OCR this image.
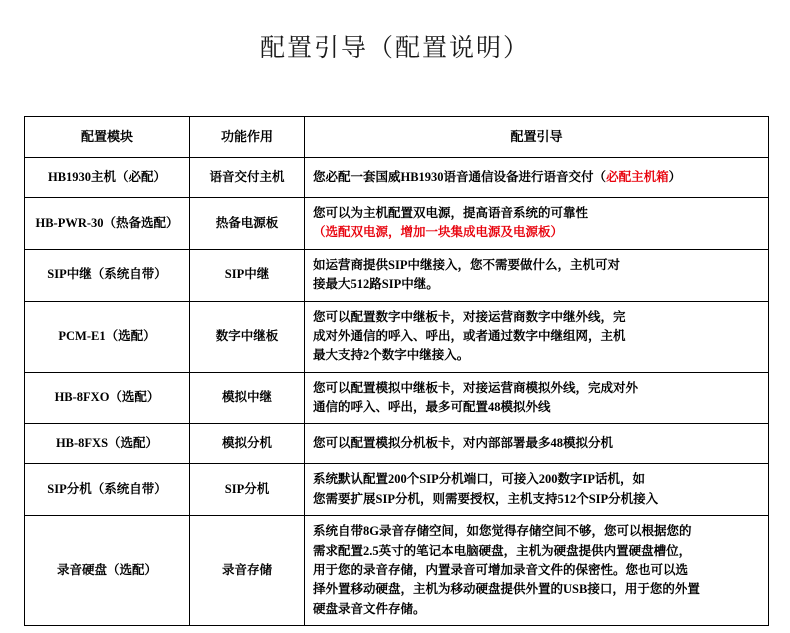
配置引导（配置说明）
配置模块	功能作用	配置引导
HB1930主机（必配）	语音交付主机	您必配一套国威HB1930语音通信设备进行语音交付（必配主机箱）

HB-PWR-30（热备选配）	热备电源板	您可以为主机配置双电源，提高语音系统的可靠性
（选配双电源，增加一块集成电源及电源板）

SIP中继（系统自带）	SIP中继	如运营商提供SIP中继接入，您不需要做什么，主机可对
接最大512路SIP中继。

PCM-E1（选配）	数字中继板	您可以配置数字中继板卡，对接运营商数字中继外线，完
成对外通信的呼入、呼出，或者通过数字中继组网，主机
最大支持2个数字中继接入。

HB-8FXO（选配）	模拟中继	您可以配置模拟中继板卡，对接运营商模拟外线，完成对外
通信的呼入、呼出，最多可配置48模拟外线

HB-8FXS（选配）	模拟分机	您可以配置模拟分机板卡，对内部部署最多48模拟分机

SIP分机（系统自带）	SIP分机	系统默认配置200个SIP分机端口，可接入200数字IP话机，如
您需要扩展SIP分机，则需要授权，主机支持512个SIP分机接入

录音硬盘（选配）	录音存储	系统自带8G录音存储空间，如您觉得存储空间不够，您可以根据您的
需求配置2.5英寸的笔记本电脑硬盘，主机为硬盘提供内置硬盘槽位，
用于您的录音存储，内置录音可增加录音文件的保密性。您也可以选
择外置移动硬盘，主机为移动硬盘提供外置的USB接口，用于您的外置
硬盘录音文件存储。
